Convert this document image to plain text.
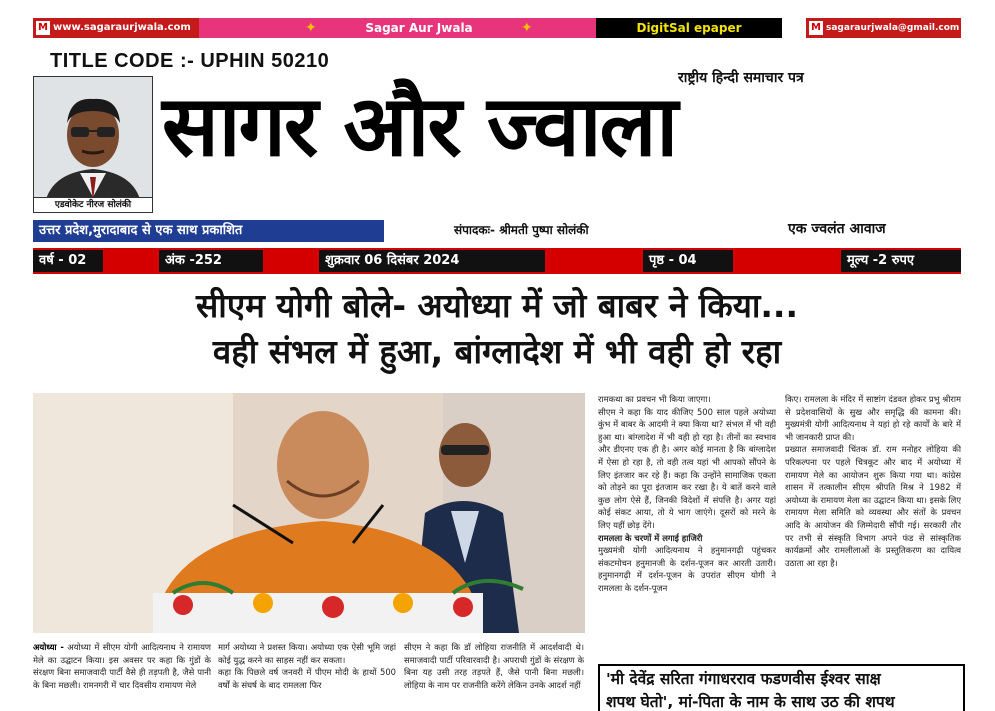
M www.sagaraurjwala.com	Sagar Aur Jwala
✦	✦	DigitSal epaper	M sagaraurjwala@gmail.com
TITLE CODE :- UPHIN 50210
एडवोकेट नीरज सोलंकी
राष्ट्रीय हिन्दी समाचार पत्र
सागर और ज्वाला
उत्तर प्रदेश,मुरादाबाद से एक साथ प्रकाशित	संपादकः- श्रीमती पुष्पा सोलंकी	एक ज्वलंत आवाज
वर्ष - 02	अंक -252	शुक्रवार 06 दिसंबर 2024	पृष्ठ - 04	मूल्य -2 रुपए
सीएम योगी बोले- अयोध्या में जो बाबर ने किया...
वही संभल में हुआ, बांग्लादेश में भी वही हो रहा
अयोध्या - अयोध्या में सीएम योगी आदित्यनाथ ने रामायण मेले का उद्घाटन किया। इस अवसर पर कहा कि गुंडों के संरक्षण बिना समाजवादी पार्टी वैसे ही तड़पती है, जैसे पानी के बिना मछली। रामनगरी में चार दिवसीय रामायण मेले
मार्ग अयोध्या ने प्रशस्त किया। अयोध्या एक ऐसी भूमि जहां कोई युद्ध करने का साहस नहीं कर सकता।
कहा कि पिछले वर्ष जनवरी में पीएम मोदी के हाथों 500 वर्षों के संघर्ष के बाद रामलला फिर
सीएम ने कहा कि डॉ लोहिया राजनीति में आदर्शवादी थे। समाजवादी पार्टी परिवारवादी है। अपराधी गुंडों के संरक्षण के बिना यह उसी तरह तड़पते हैं, जैसे पानी बिना मछली। लोहिया के नाम पर राजनीति करेंगे लेकिन उनके आदर्श नहीं
रामकथा का प्रवचन भी किया जाएगा।
सीएम ने कहा कि याद कीजिए 500 साल पहले अयोध्या कुंभ में बाबर के आदमी ने क्या किया था? संभल में भी वही हुआ था। बांग्लादेश में भी वही हो रहा है। तीनों का स्वभाव और डीएनए एक ही है। अगर कोई मानता है कि बांग्लादेश में ऐसा हो रहा है, तो वही तत्व यहां भी आपको सौंपने के लिए इंतजार कर रहे हैं। कहा कि उन्होंने सामाजिक एकता को तोड़ने का पूरा इंतजाम कर रखा है। ये बातें करने वाले कुछ लोग ऐसे हैं, जिनकी विदेशों में संपत्ति है। अगर यहां कोई संकट आया, तो ये भाग जाएंगे। दूसरों को मरने के लिए यहीं छोड़ देंगे।
रामलला के चरणों में लगाई हाजिरी
मुख्यमंत्री योगी आदित्यनाथ ने हनुमानगढ़ी पहुंचकर संकटमोचन हनुमानजी के दर्शन-पूजन कर आरती उतारी। हनुमानगढ़ी में दर्शन-पूजन के उपरांत सीएम योगी ने रामलला के दर्शन-पूजन
किए। रामलला के मंदिर में साष्टांग दंडवत होकर प्रभु श्रीराम से प्रदेशवासियों के सुख और समृद्धि की कामना की। मुख्यमंत्री योगी आदित्यनाथ ने यहां हो रहे कार्यों के बारे में भी जानकारी प्राप्त की।
प्रख्यात समाजवादी चिंतक डॉ. राम मनोहर लोहिया की परिकल्पना पर पहले चित्रकूट और बाद में अयोध्या में रामायण मेले का आयोजन शुरू किया गया था। कांग्रेस शासन में तत्कालीन सीएम श्रीपति मिश्र ने 1982 में अयोध्या के रामायण मेला का उद्घाटन किया था। इसके लिए रामायण मेला समिति को व्यवस्था और संतों के प्रवचन आदि के आयोजन की जिम्मेदारी सौंपी गई। सरकारी तौर पर तभी से संस्कृति विभाग अपने फंड से सांस्कृतिक कार्यक्रमों और रामलीलाओं के प्रस्तुतिकरण का दायित्व उठाता आ रहा है।
'मी देवेंद्र सरिता गंगाधरराव फडणवीस ईश्वर साक्ष
शपथ घेतो', मां-पिता के नाम के साथ उठ की शपथ
